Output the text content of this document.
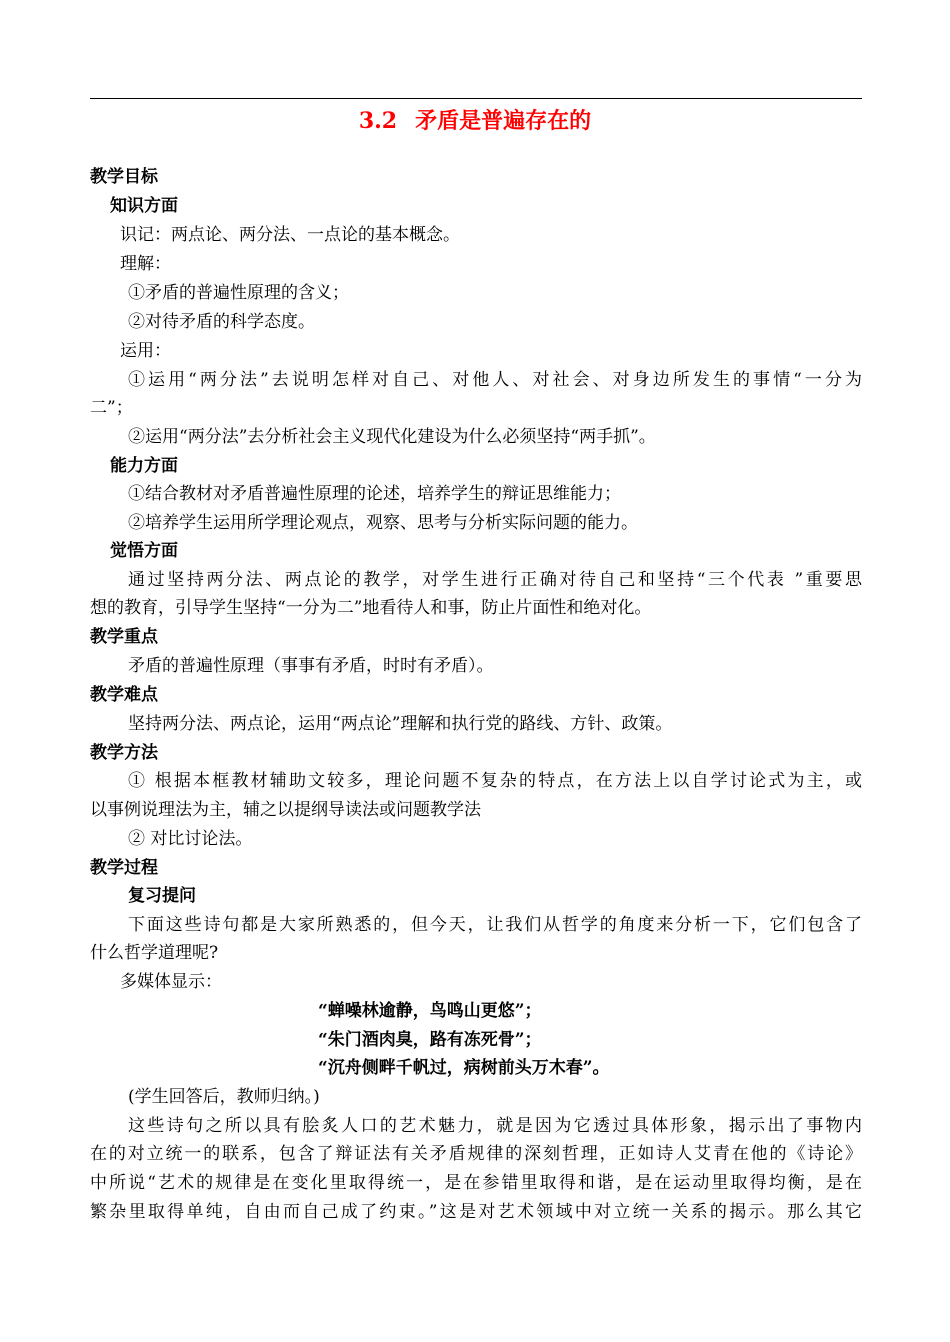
3.2 矛盾是普遍存在的
教学目标
知识方面
识记：两点论、两分法、一点论的基本概念。
理解：
①矛盾的普遍性原理的含义；
②对待矛盾的科学态度。
运用：
①运用“两分法”去说明怎样对自己、对他人、对社会、对身边所发生的事情“一分为
二”；
②运用“两分法”去分析社会主义现代化建设为什么必须坚持“两手抓”。
能力方面
①结合教材对矛盾普遍性原理的论述，培养学生的辩证思维能力；
②培养学生运用所学理论观点，观察、思考与分析实际问题的能力。
觉悟方面
通过坚持两分法、两点论的教学，对学生进行正确对待自己和坚持“三个代表 ”重要思
想的教育，引导学生坚持“一分为二”地看待人和事，防止片面性和绝对化。
教学重点
矛盾的普遍性原理（事事有矛盾，时时有矛盾）。
教学难点
坚持两分法、两点论，运用“两点论”理解和执行党的路线、方针、政策。
教学方法
① 根据本框教材辅助文较多，理论问题不复杂的特点，在方法上以自学讨论式为主，或
以事例说理法为主，辅之以提纲导读法或问题教学法
② 对比讨论法。
教学过程
复习提问
下面这些诗句都是大家所熟悉的，但今天，让我们从哲学的角度来分析一下，它们包含了
什么哲学道理呢?
多媒体显示：
“蝉噪林逾静，鸟鸣山更悠”；
“朱门酒肉臭，路有冻死骨”；
“沉舟侧畔千帆过，病树前头万木春”。
(学生回答后，教师归纳。)
这些诗句之所以具有脍炙人口的艺术魅力，就是因为它透过具体形象，揭示出了事物内
在的对立统一的联系，包含了辩证法有关矛盾规律的深刻哲理，正如诗人艾青在他的《诗论》
中所说“艺术的规律是在变化里取得统一，是在参错里取得和谐，是在运动里取得均衡，是在
繁杂里取得单纯，自由而自己成了约束。”这是对艺术领域中对立统一关系的揭示。那么其它
